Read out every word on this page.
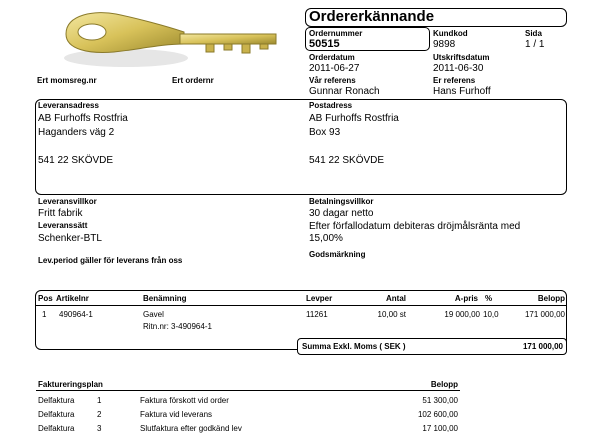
Ordererkännande
Ordernummer
50515
Kundkod
9898
Sida
1 / 1
Orderdatum
2011-06-27
Utskriftsdatum
2011-06-30
Vår referens
Gunnar Ronach
Er referens
Hans Furhoff
Ert momsreg.nr	Ert ordernr
Leveransadress
AB Furhoffs Rostfria
Haganders väg 2
541 22 SKÖVDE
Postadress
AB Furhoffs Rostfria
Box 93
541 22 SKÖVDE
Leveransvillkor
Fritt fabrik
Leveranssätt
Schenker-BTL
Lev.period gäller för leverans från oss
Betalningsvillkor
30 dagar netto
Efter förfallodatum debiteras dröjmålsränta med
15,00%
Godsmärkning
Pos Artikelnr	Benämning	Levper	Antal	A-pris %	Belopp
1 490964-1	Gavel	11261	10,00 st	19 000,00 10,0	171 000,00
Ritn.nr: 3-490964-1
Summa Exkl. Moms ( SEK )	171 000,00
Faktureringsplan	Belopp
Delfaktura	1	Faktura förskott vid order	51 300,00
Delfaktura	2	Faktura vid leverans	102 600,00
Delfaktura	3	Slutfaktura efter godkänd lev	17 100,00
